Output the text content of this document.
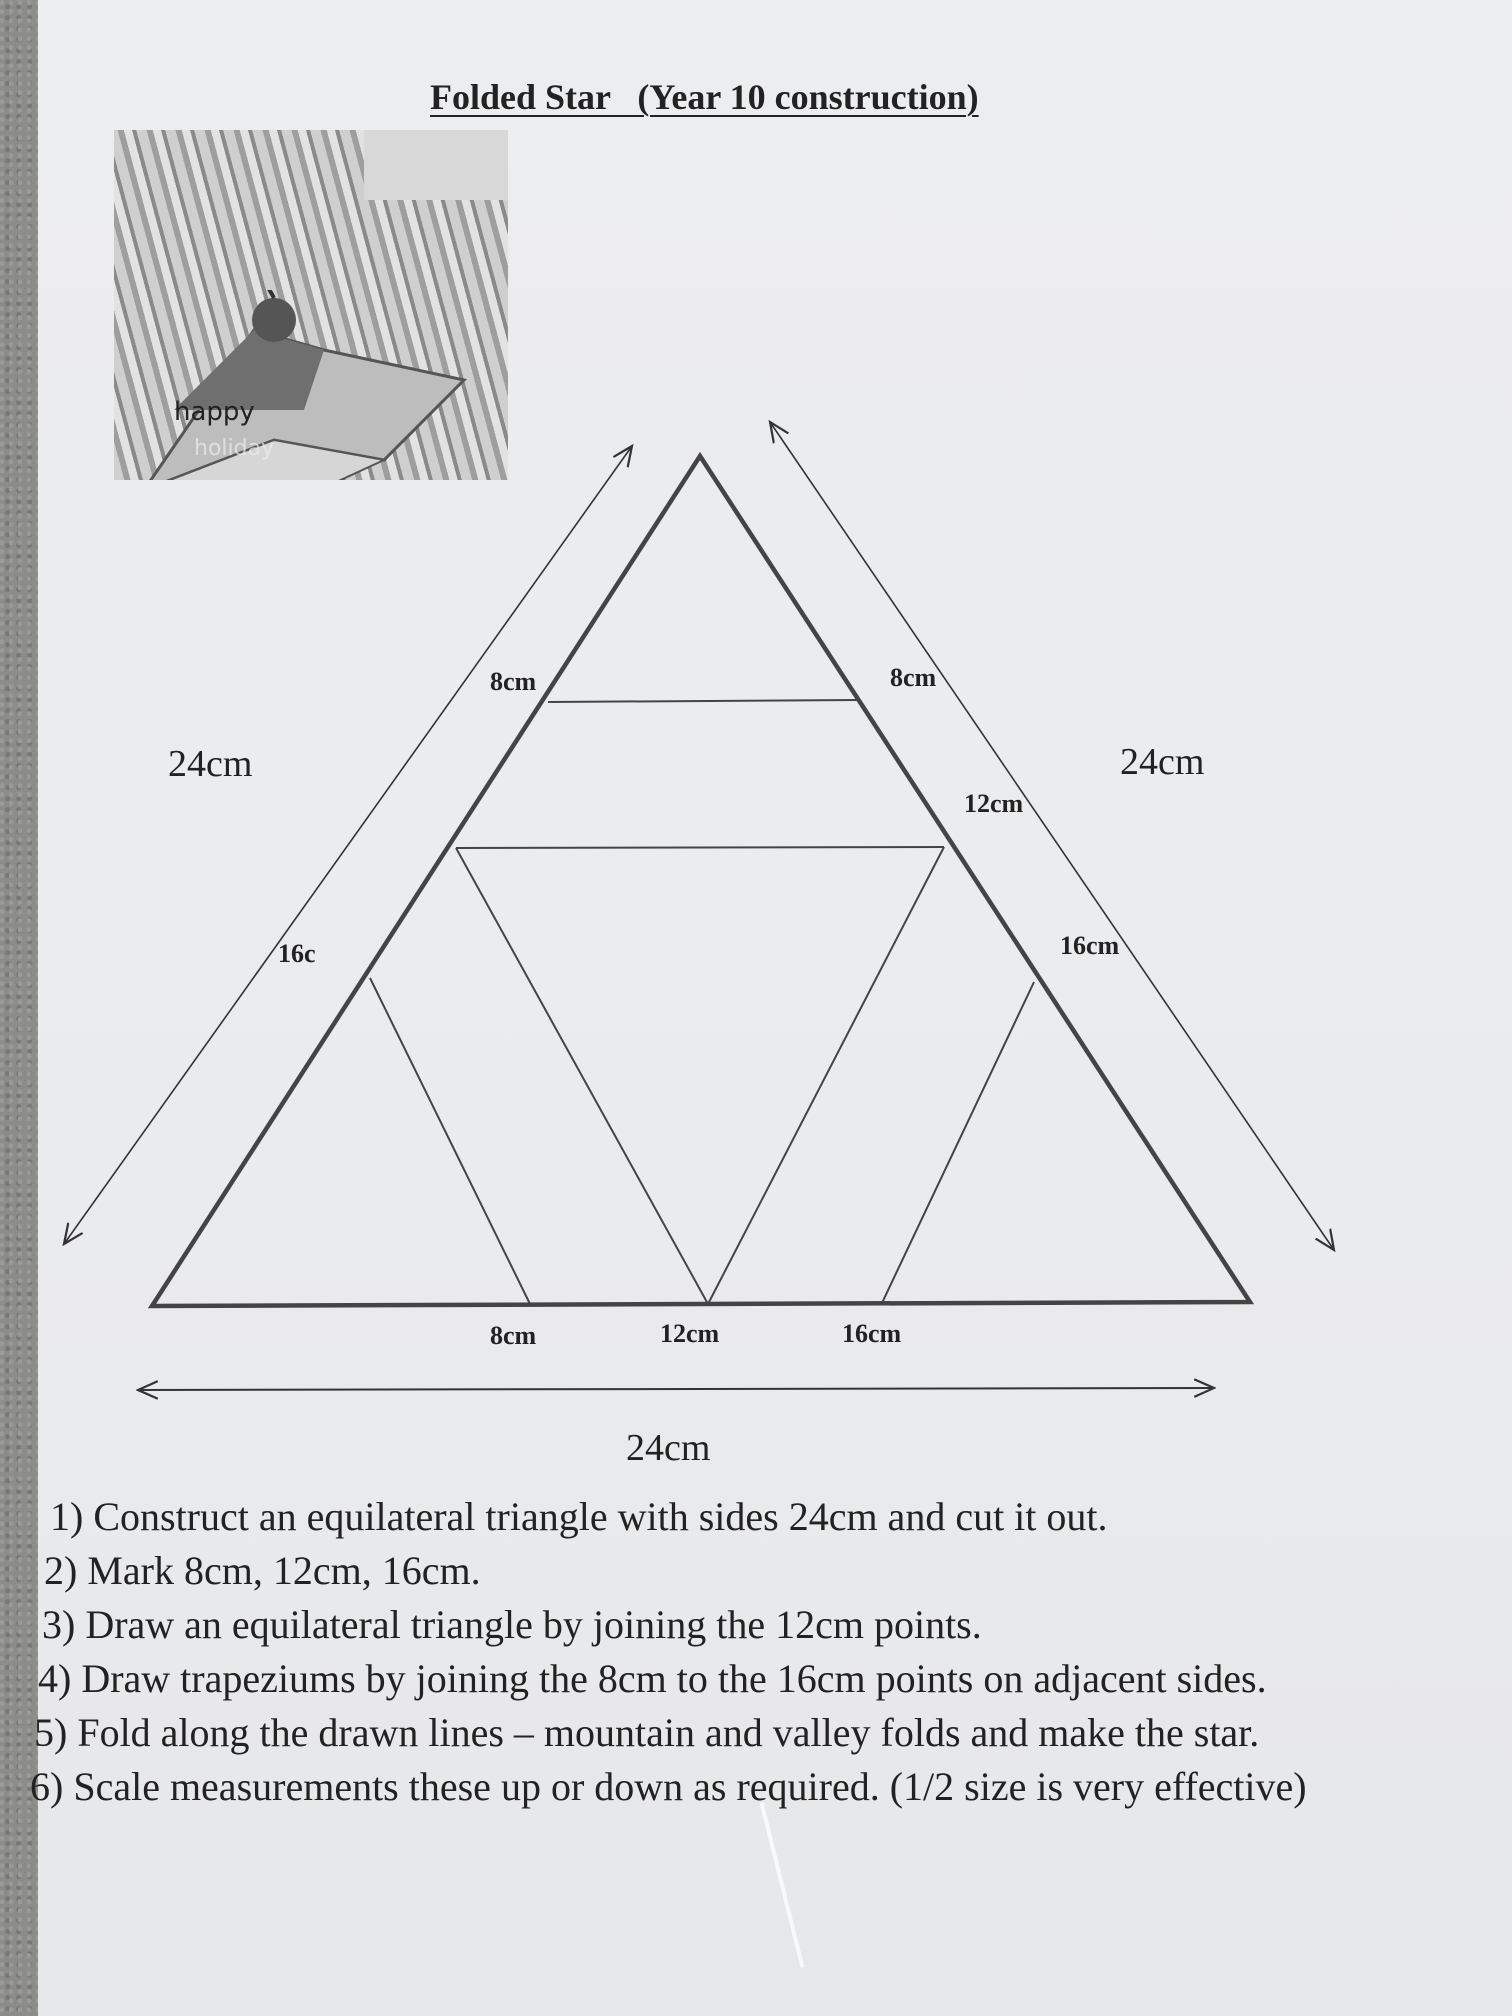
Folded Star   (Year 10 construction)
happy
holiday
24cm	24cm
24cm
8cm
16c
8cm
12cm
16cm
8cm	12cm	16cm
1) Construct an equilateral triangle with sides 24cm and cut it out.
2) Mark 8cm, 12cm, 16cm.
3) Draw an equilateral triangle by joining the 12cm points.
4) Draw trapeziums by joining the 8cm to the 16cm points on adjacent sides.
5) Fold along the drawn lines – mountain and valley folds and make the star.
6) Scale measurements these up or down as required. (1/2 size is very effective)
